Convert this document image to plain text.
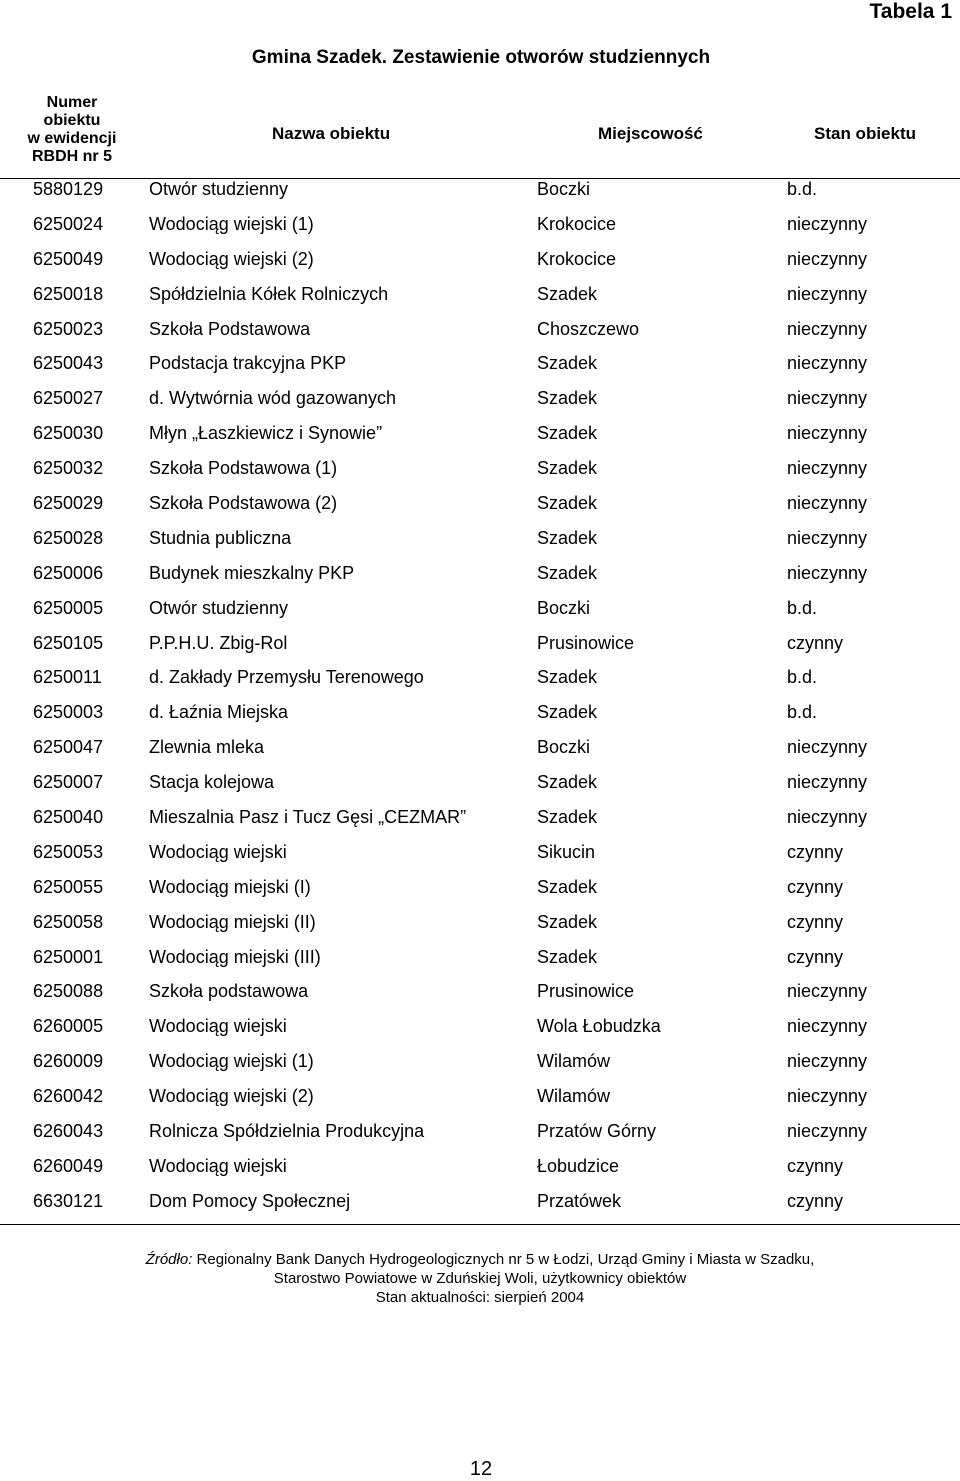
Tabela 1
Gmina Szadek. Zestawienie otworów studziennych
Numer
obiektu
w ewidencji
RBDH nr 5
Nazwa obiektu	Miejscowość	Stan obiektu
5880129	Otwór studzienny	Boczki	b.d.
6250024	Wodociąg wiejski (1)	Krokocice	nieczynny
6250049	Wodociąg wiejski (2)	Krokocice	nieczynny
6250018	Spółdzielnia Kółek Rolniczych	Szadek	nieczynny
6250023	Szkoła Podstawowa	Choszczewo	nieczynny
6250043	Podstacja trakcyjna PKP	Szadek	nieczynny
6250027	d. Wytwórnia wód gazowanych	Szadek	nieczynny
6250030	Młyn „Łaszkiewicz i Synowie”	Szadek	nieczynny
6250032	Szkoła Podstawowa (1)	Szadek	nieczynny
6250029	Szkoła Podstawowa (2)	Szadek	nieczynny
6250028	Studnia publiczna	Szadek	nieczynny
6250006	Budynek mieszkalny PKP	Szadek	nieczynny
6250005	Otwór studzienny	Boczki	b.d.
6250105	P.P.H.U. Zbig-Rol	Prusinowice	czynny
6250011	d. Zakłady Przemysłu Terenowego	Szadek	b.d.
6250003	d. Łaźnia Miejska	Szadek	b.d.
6250047	Zlewnia mleka	Boczki	nieczynny
6250007	Stacja kolejowa	Szadek	nieczynny
6250040	Mieszalnia Pasz i Tucz Gęsi „CEZMAR”	Szadek	nieczynny
6250053	Wodociąg wiejski	Sikucin	czynny
6250055	Wodociąg miejski (I)	Szadek	czynny
6250058	Wodociąg miejski (II)	Szadek	czynny
6250001	Wodociąg miejski (III)	Szadek	czynny
6250088	Szkoła podstawowa	Prusinowice	nieczynny
6260005	Wodociąg wiejski	Wola Łobudzka	nieczynny
6260009	Wodociąg wiejski (1)	Wilamów	nieczynny
6260042	Wodociąg wiejski (2)	Wilamów	nieczynny
6260043	Rolnicza Spółdzielnia Produkcyjna	Przatów Górny	nieczynny
6260049	Wodociąg wiejski	Łobudzice	czynny
6630121	Dom Pomocy Społecznej	Przatówek	czynny
Źródło: Regionalny Bank Danych Hydrogeologicznych nr 5 w Łodzi, Urząd Gminy i Miasta w Szadku,
Starostwo Powiatowe w Zduńskiej Woli, użytkownicy obiektów
Stan aktualności: sierpień 2004
12
